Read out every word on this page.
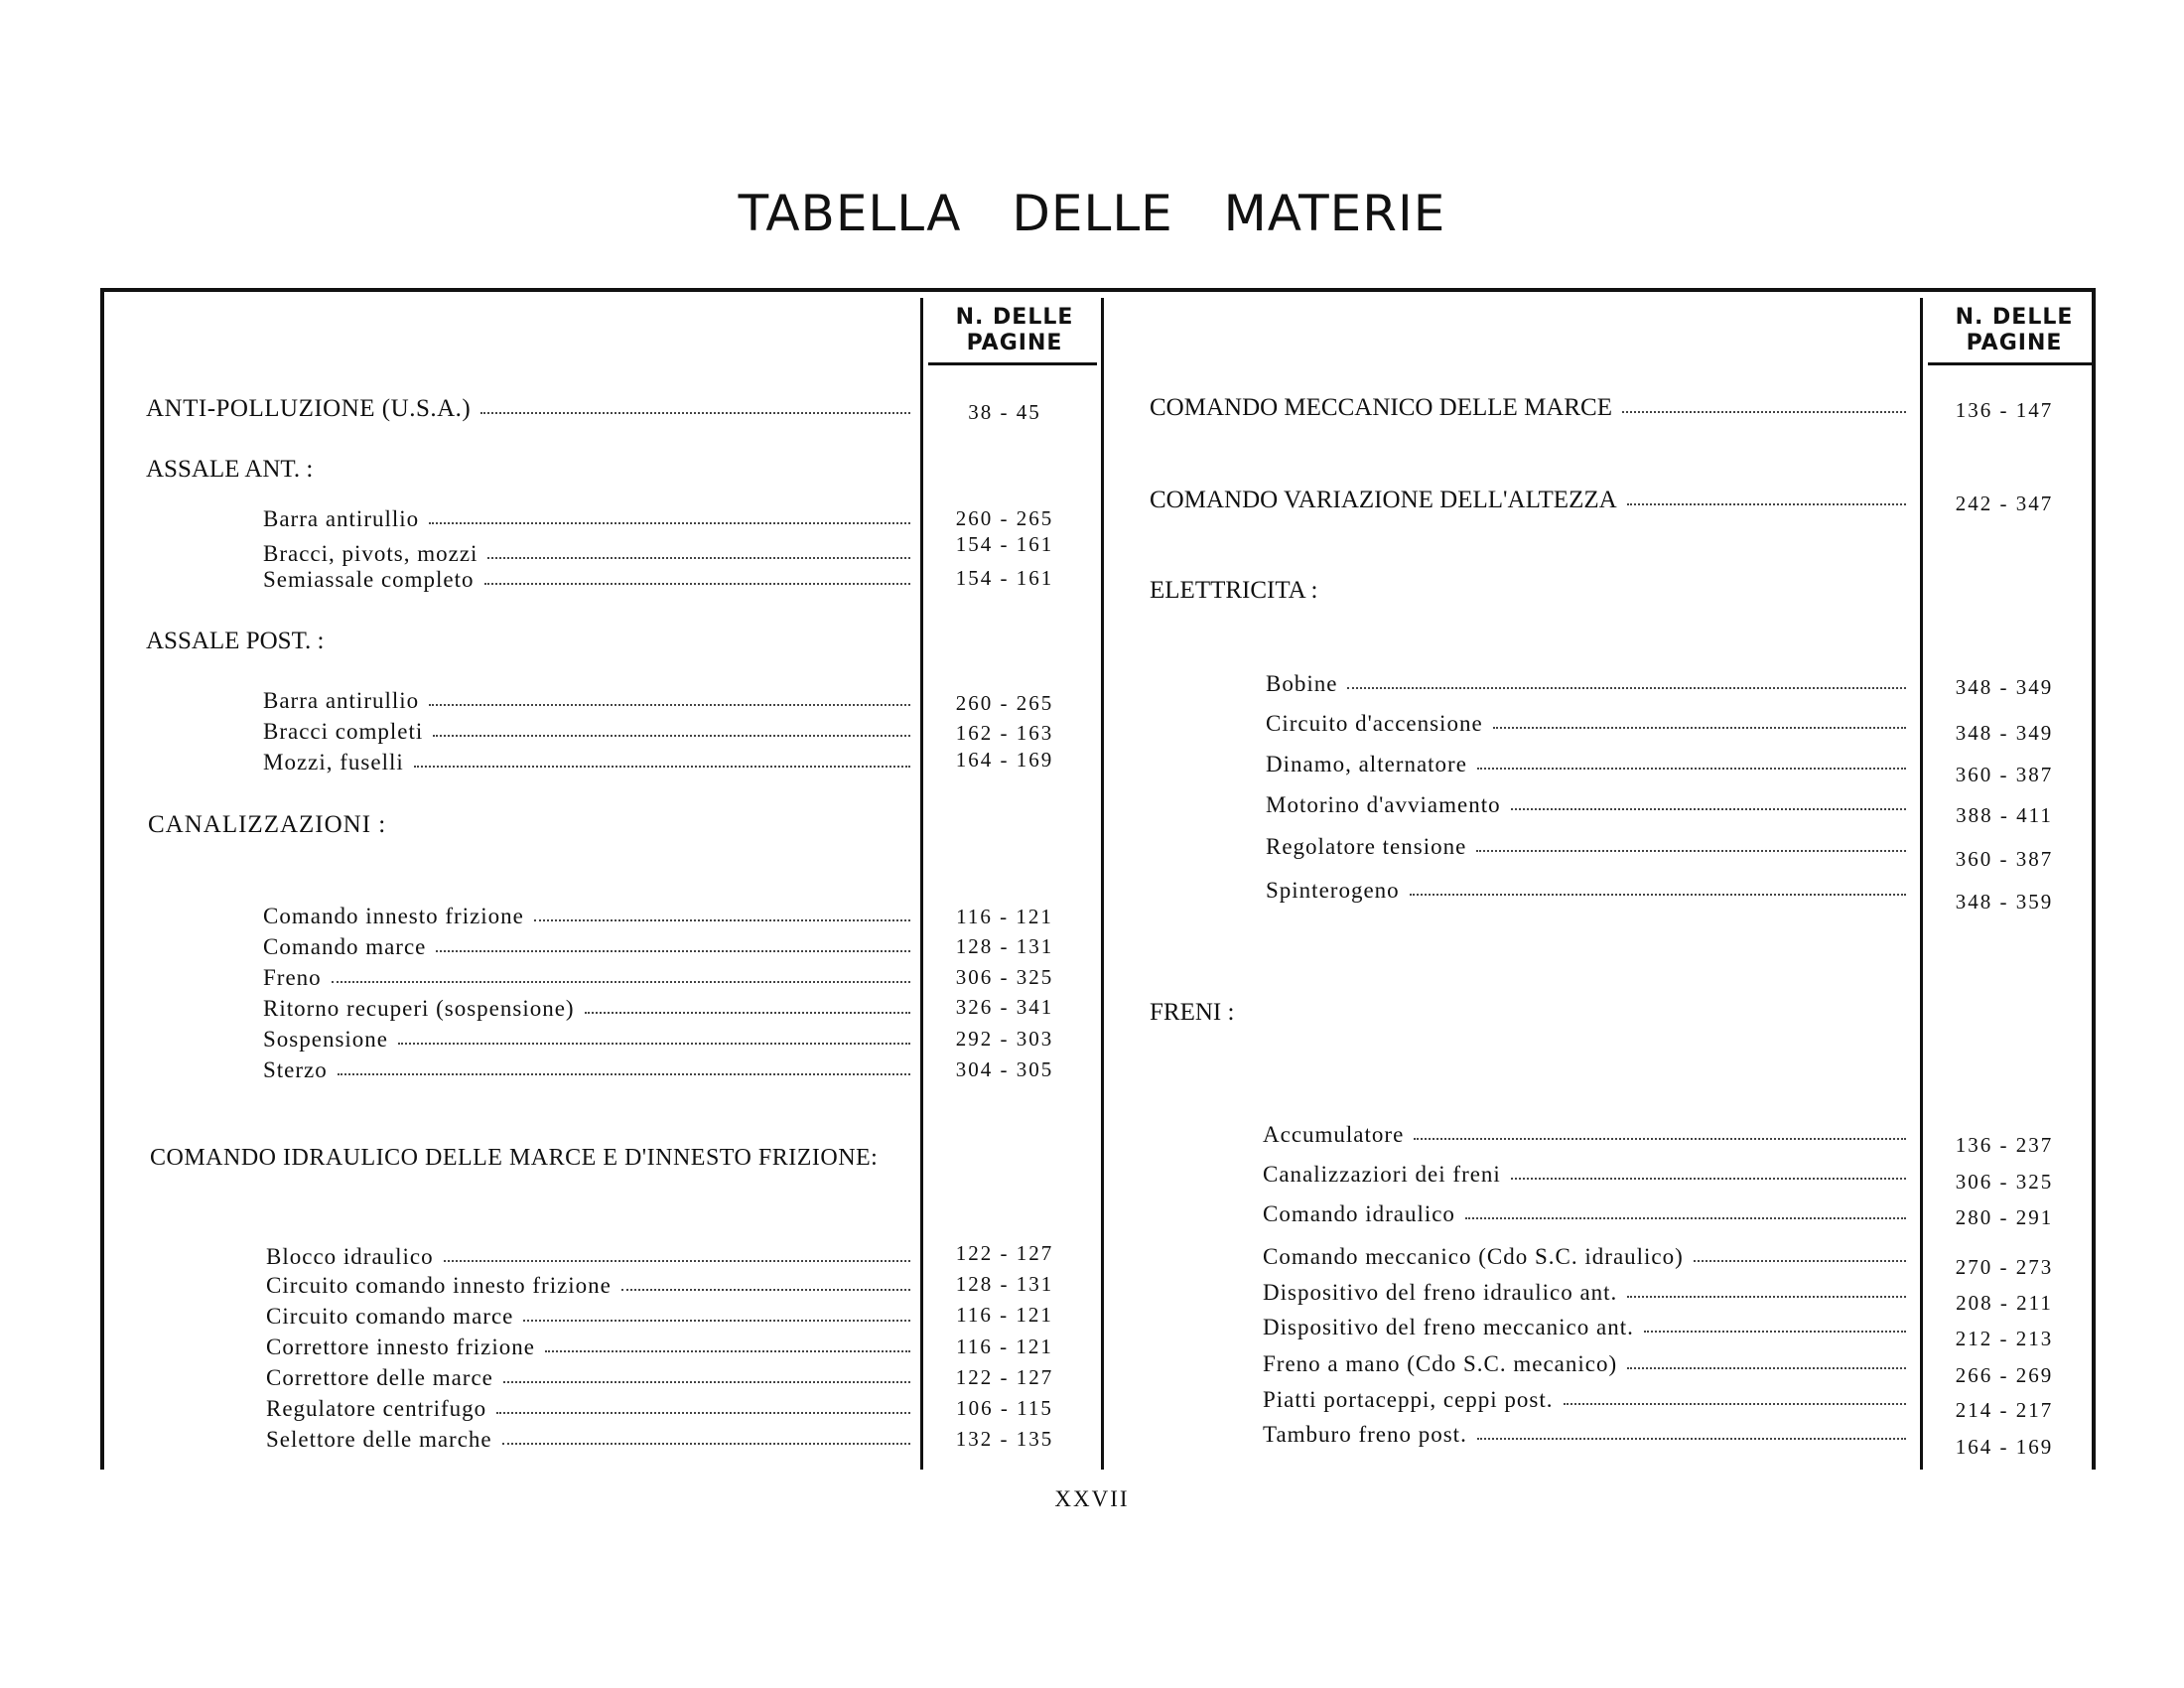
TABELLA DELLE MATERIE
N. DELLE PAGINE
N. DELLE PAGINE
ANTI-POLLUZIONE (U.S.A.)	38 - 45
ASSALE ANT. :
Barra antirullio	260 - 265
Bracci, pivots, mozzi	154 - 161
Semiassale completo	154 - 161
ASSALE POST. :
Barra antirullio	260 - 265
Bracci completi	162 - 163
Mozzi, fuselli	164 - 169
CANALIZZAZIONI :
Comando innesto frizione	116 - 121
Comando marce	128 - 131
Freno	306 - 325
Ritorno recuperi (sospensione)	326 - 341
Sospensione	292 - 303
Sterzo	304 - 305
COMANDO IDRAULICO DELLE MARCE E D'INNESTO FRIZIONE:
Blocco idraulico	122 - 127
Circuito comando innesto frizione	128 - 131
Circuito comando marce	116 - 121
Correttore innesto frizione	116 - 121
Correttore delle marce	122 - 127
Regulatore centrifugo	106 - 115
Selettore delle marche	132 - 135
COMANDO MECCANICO DELLE MARCE	136 - 147
COMANDO VARIAZIONE DELL'ALTEZZA	242 - 347
ELETTRICITA :
Bobine	348 - 349
Circuito d'accensione	348 - 349
Dinamo, alternatore	360 - 387
Motorino d'avviamento	388 - 411
Regolatore tensione	360 - 387
Spinterogeno	348 - 359
FRENI :
Accumulatore	136 - 237
Canalizzaziori dei freni	306 - 325
Comando idraulico	280 - 291
Comando meccanico (Cdo S.C. idraulico)	270 - 273
Dispositivo del freno idraulico ant.	208 - 211
Dispositivo del freno meccanico ant.	212 - 213
Freno a mano (Cdo S.C. mecanico)	266 - 269
Piatti portaceppi, ceppi post.	214 - 217
Tamburo freno post.	164 - 169
XXVII
